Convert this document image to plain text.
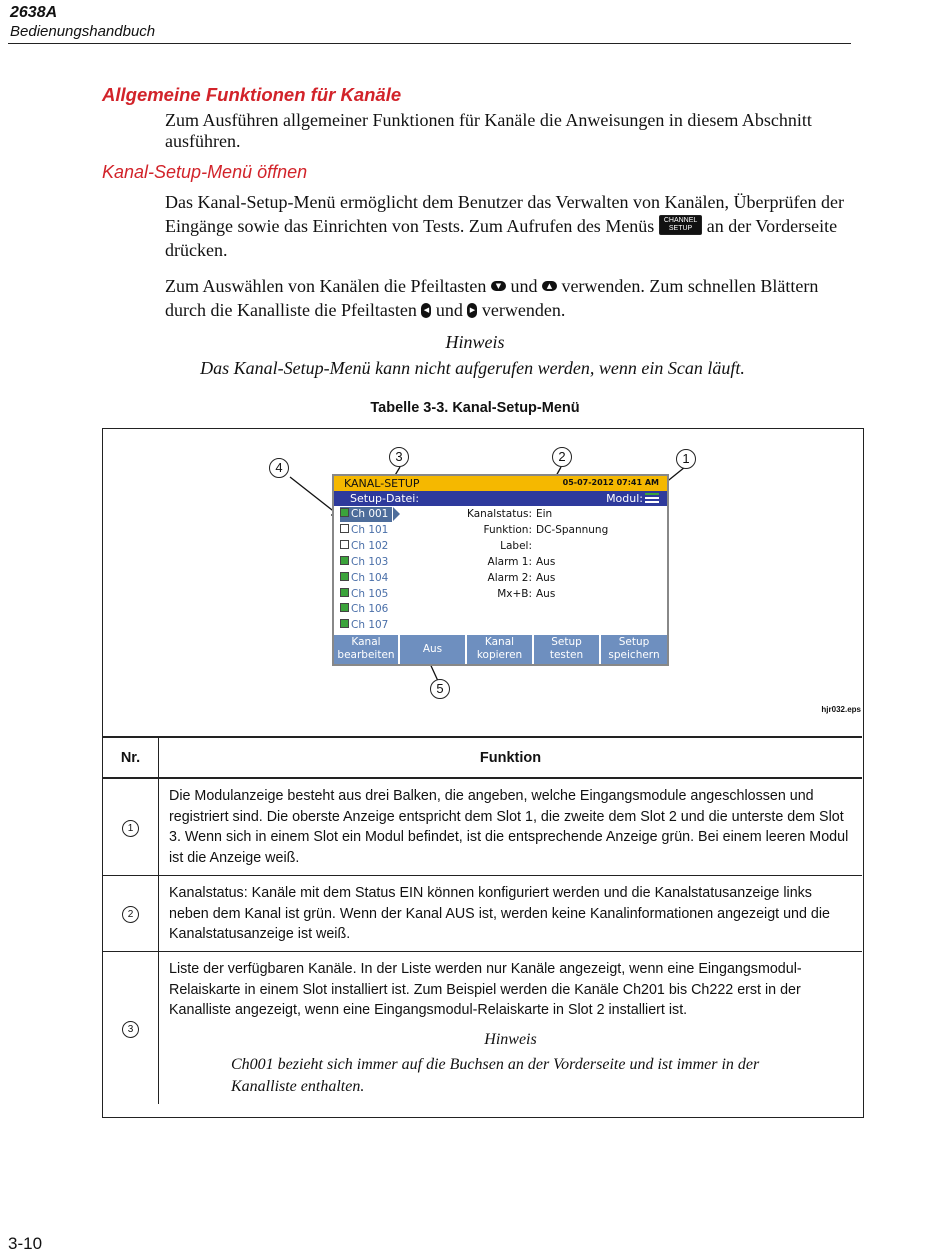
2638A
Bedienungshandbuch
Allgemeine Funktionen für Kanäle
Zum Ausführen allgemeiner Funktionen für Kanäle die Anweisungen in diesem Abschnitt ausführen.
Kanal-Setup-Menü öffnen
Das Kanal-Setup-Menü ermöglicht dem Benutzer das Verwalten von Kanälen, Überprüfen der Eingänge sowie das Einrichten von Tests. Zum Aufrufen des Menüs CHANNEL
SETUP an der Vorderseite drücken.
Zum Auswählen von Kanälen die Pfeiltasten	▼ und	▲ verwenden. Zum schnellen Blättern durch die Kanalliste die Pfeiltasten ◀ und ▶ verwenden.
Hinweis
Das Kanal-Setup-Menü kann nicht aufgerufen werden, wenn ein Scan läuft.
Tabelle 3-3. Kanal-Setup-Menü
1
2
3
4
5
KANAL-SETUP	05-07-2012 07:41 AM
Setup-Datei:	Modul:
Ch 001
Ch 101
Ch 102
Ch 103
Ch 104
Ch 105
Ch 106
Ch 107
Kanalstatus: Ein
Funktion: DC-Spannung
Label:
Alarm 1: Aus
Alarm 2: Aus
Mx+B: Aus
Kanal
bearbeiten	Aus
Kanal
kopieren
Setup
testen
Setup
speichern
hjr032.eps
Nr.	Funktion
1	Die Modulanzeige besteht aus drei Balken, die angeben, welche Eingangsmodule angeschlossen und registriert sind. Die oberste Anzeige entspricht dem Slot 1, die zweite dem Slot 2 und die unterste dem Slot 3. Wenn sich in einem Slot ein Modul befindet, ist die entsprechende Anzeige grün. Bei einem leeren Modul ist die Anzeige weiß.
2	Kanalstatus: Kanäle mit dem Status EIN können konfiguriert werden und die Kanalstatusanzeige links neben dem Kanal ist grün. Wenn der Kanal AUS ist, werden keine Kanalinformationen angezeigt und die Kanalstatusanzeige ist weiß.
3	Liste der verfügbaren Kanäle. In der Liste werden nur Kanäle angezeigt, wenn eine Eingangsmodul-Relaiskarte in einem Slot installiert ist. Zum Beispiel werden die Kanäle Ch201 bis Ch222 erst in der Kanalliste angezeigt, wenn eine Eingangsmodul-Relaiskarte in Slot 2 installiert ist.
Hinweis
Ch001 bezieht sich immer auf die Buchsen an der Vorderseite und ist immer in der Kanalliste enthalten.
3-10
